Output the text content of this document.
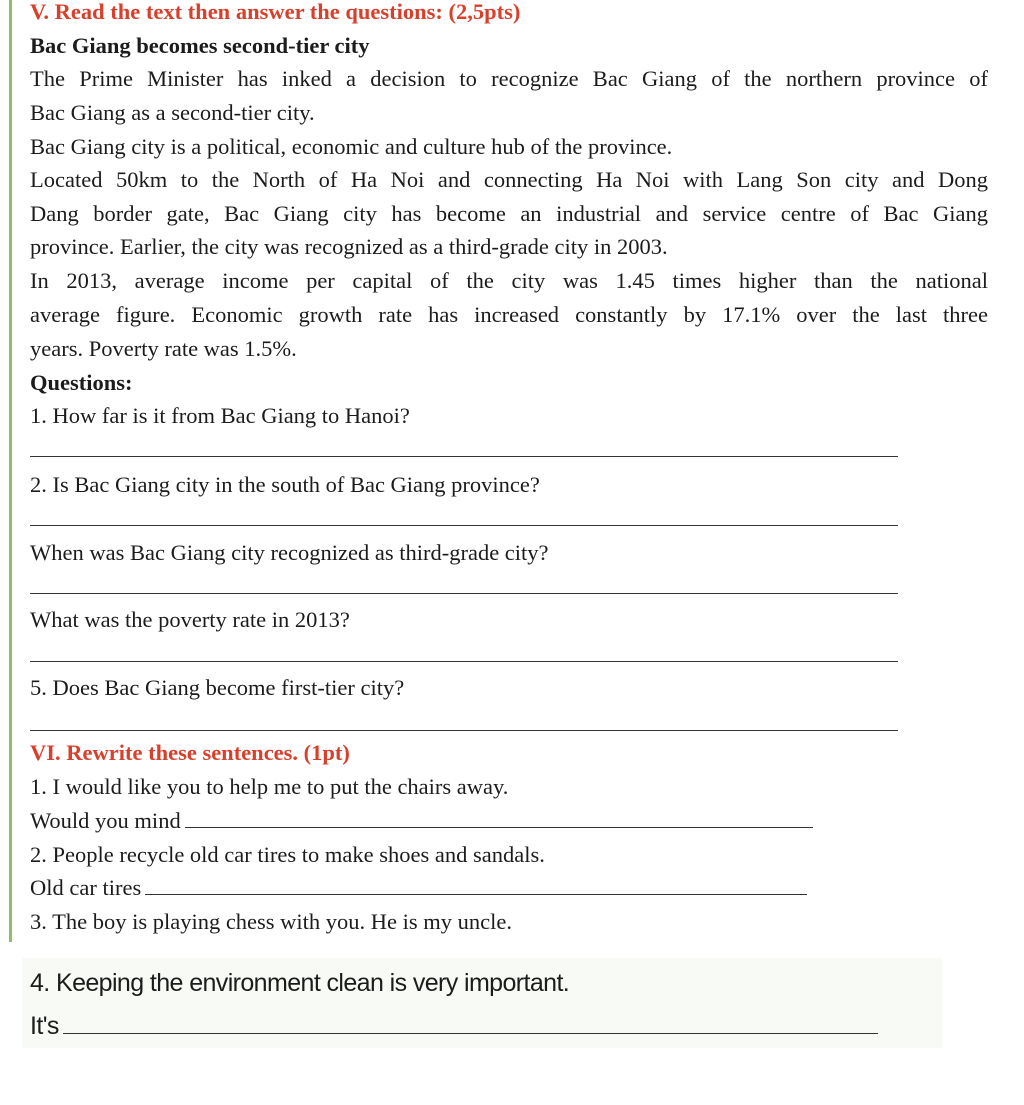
V. Read the text then answer the questions: (2,5pts)
Bac Giang becomes second-tier city
The Prime Minister has inked a decision to recognize Bac Giang of the northern province of
Bac Giang as a second-tier city.
Bac Giang city is a political, economic and culture hub of the province.
Located 50km to the North of Ha Noi and connecting Ha Noi with Lang Son city and Dong
Dang border gate, Bac Giang city has become an industrial and service centre of Bac Giang
province. Earlier, the city was recognized as a third-grade city in 2003.
In 2013, average income per capital of the city was 1.45 times higher than the national
average figure. Economic growth rate has increased constantly by 17.1% over the last three
years. Poverty rate was 1.5%.
Questions:
1. How far is it from Bac Giang to Hanoi?
2. Is Bac Giang city in the south of Bac Giang province?
When was Bac Giang city recognized as third-grade city?
What was the poverty rate in 2013?
5. Does Bac Giang become first-tier city?
VI. Rewrite these sentences. (1pt)
1. I would like you to help me to put the chairs away.
Would you mind
2. People recycle old car tires to make shoes and sandals.
Old car tires
3. The boy is playing chess with you. He is my uncle.
4. Keeping the environment clean is very important.
It's
